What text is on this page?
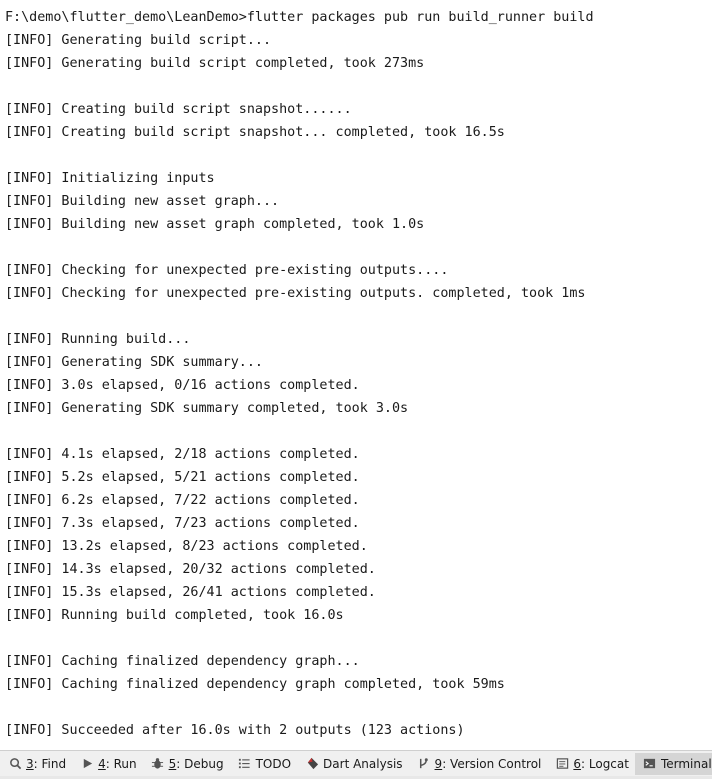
F:\demo\flutter_demo\LeanDemo>flutter packages pub run build_runner build
[INFO] Generating build script...
[INFO] Generating build script completed, took 273ms

[INFO] Creating build script snapshot......
[INFO] Creating build script snapshot... completed, took 16.5s

[INFO] Initializing inputs
[INFO] Building new asset graph...
[INFO] Building new asset graph completed, took 1.0s

[INFO] Checking for unexpected pre-existing outputs....
[INFO] Checking for unexpected pre-existing outputs. completed, took 1ms

[INFO] Running build...
[INFO] Generating SDK summary...
[INFO] 3.0s elapsed, 0/16 actions completed.
[INFO] Generating SDK summary completed, took 3.0s

[INFO] 4.1s elapsed, 2/18 actions completed.
[INFO] 5.2s elapsed, 5/21 actions completed.
[INFO] 6.2s elapsed, 7/22 actions completed.
[INFO] 7.3s elapsed, 7/23 actions completed.
[INFO] 13.2s elapsed, 8/23 actions completed.
[INFO] 14.3s elapsed, 20/32 actions completed.
[INFO] 15.3s elapsed, 26/41 actions completed.
[INFO] Running build completed, took 16.0s

[INFO] Caching finalized dependency graph...
[INFO] Caching finalized dependency graph completed, took 59ms

[INFO] Succeeded after 16.0s with 2 outputs (123 actions)
3 : Find	4 : Run	5 : Debug	TODO	Dart Analysis	9 : Version Control	6 : Logcat	Terminal
